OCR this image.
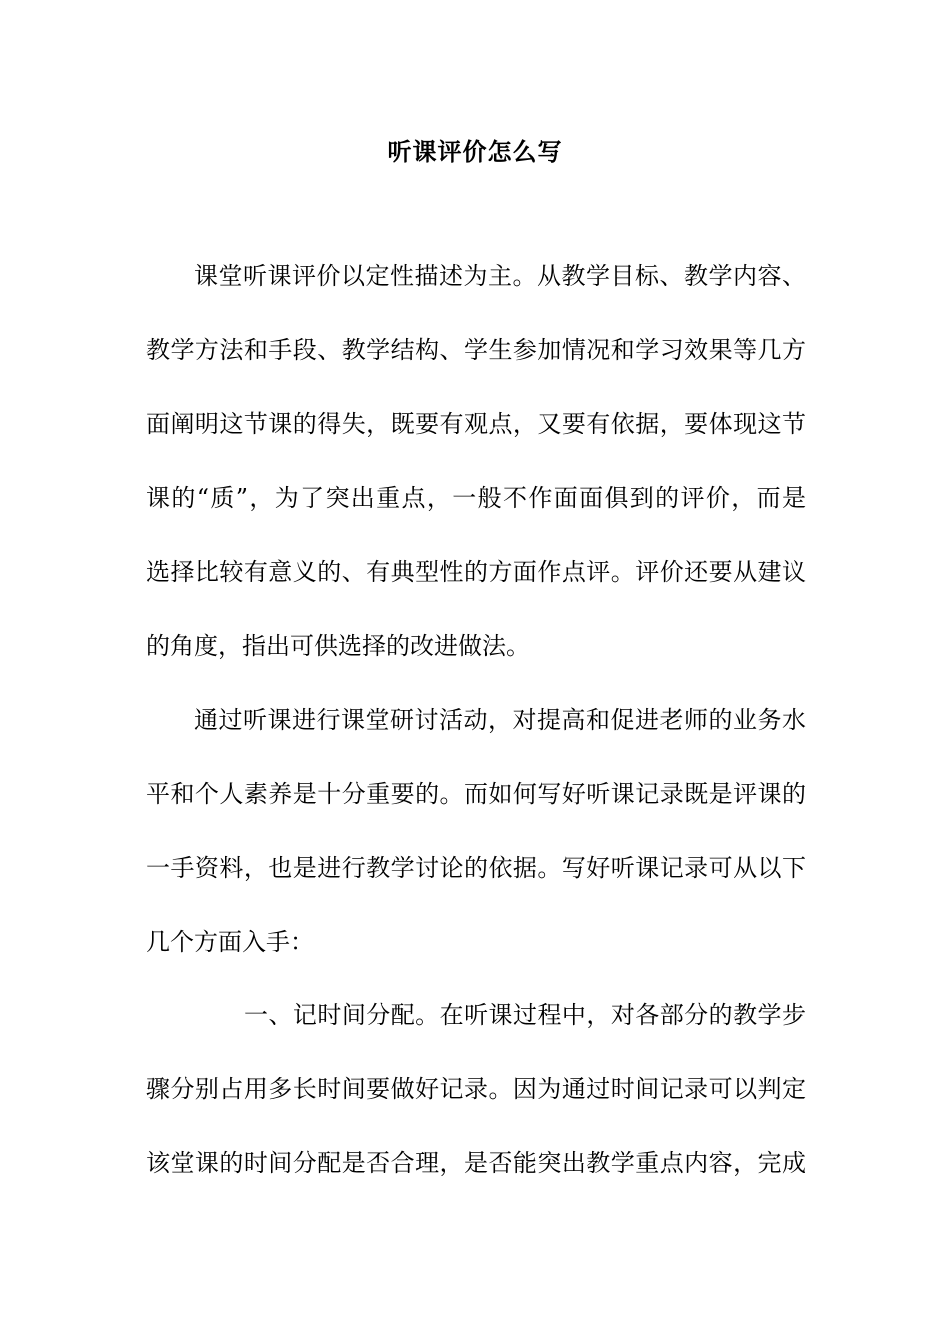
听课评价怎么写
课堂听课评价以定性描述为主。从教学目标、教学内容、
教学方法和手段、教学结构、学生参加情况和学习效果等几方
面阐明这节课的得失，既要有观点，又要有依据，要体现这节
课的“质”，为了突出重点，一般不作面面俱到的评价，而是
选择比较有意义的、有典型性的方面作点评。评价还要从建议
的角度，指出可供选择的改进做法。
通过听课进行课堂研讨活动，对提高和促进老师的业务水
平和个人素养是十分重要的。而如何写好听课记录既是评课的
一手资料，也是进行教学讨论的依据。写好听课记录可从以下
几个方面入手：
一、记时间分配。在听课过程中，对各部分的教学步
骤分别占用多长时间要做好记录。因为通过时间记录可以判定
该堂课的时间分配是否合理，是否能突出教学重点内容，完成
